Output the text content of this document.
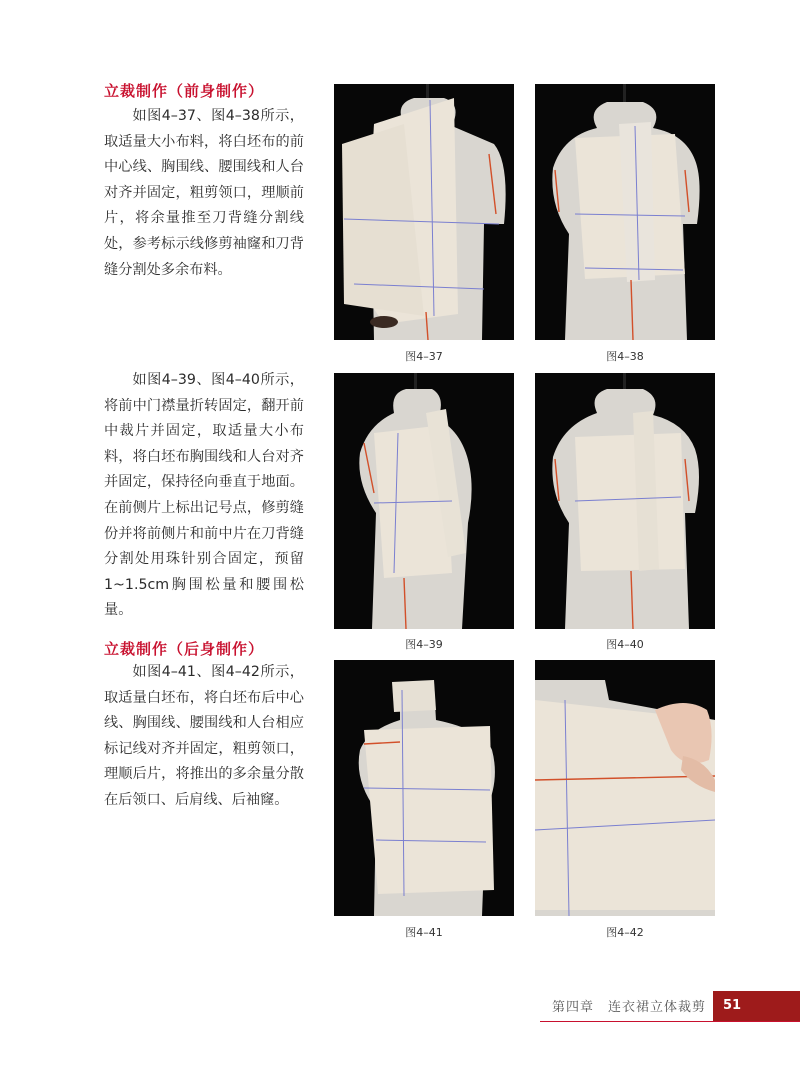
立裁制作（前身制作）

如图4–37、图4–38所示，取适量大小布料，将白坯布的前中心线、胸围线、腰围线和人台对齐并固定，粗剪领口，理顺前片，将余量推至刀背缝分割线处，参考标示线修剪袖窿和刀背缝分割处多余布料。

如图4–39、图4–40所示，将前中门襟量折转固定，翻开前中裁片并固定，取适量大小布料，将白坯布胸围线和人台对齐并固定，保持径向垂直于地面。在前侧片上标出记号点，修剪缝份并将前侧片和前中片在刀背缝分割处用珠针别合固定，预留1~1.5cm胸围松量和腰围松量。

立裁制作（后身制作）

如图4–41、图4–42所示，取适量白坯布，将白坯布后中心线、胸围线、腰围线和人台相应标记线对齐并固定，粗剪领口，理顺后片，将推出的多余量分散在后领口、后肩线、后袖窿。

图4–37	图4–38
图4–39	图4–40
图4–41	图4–42
第四章　连衣裙立体裁剪	51
